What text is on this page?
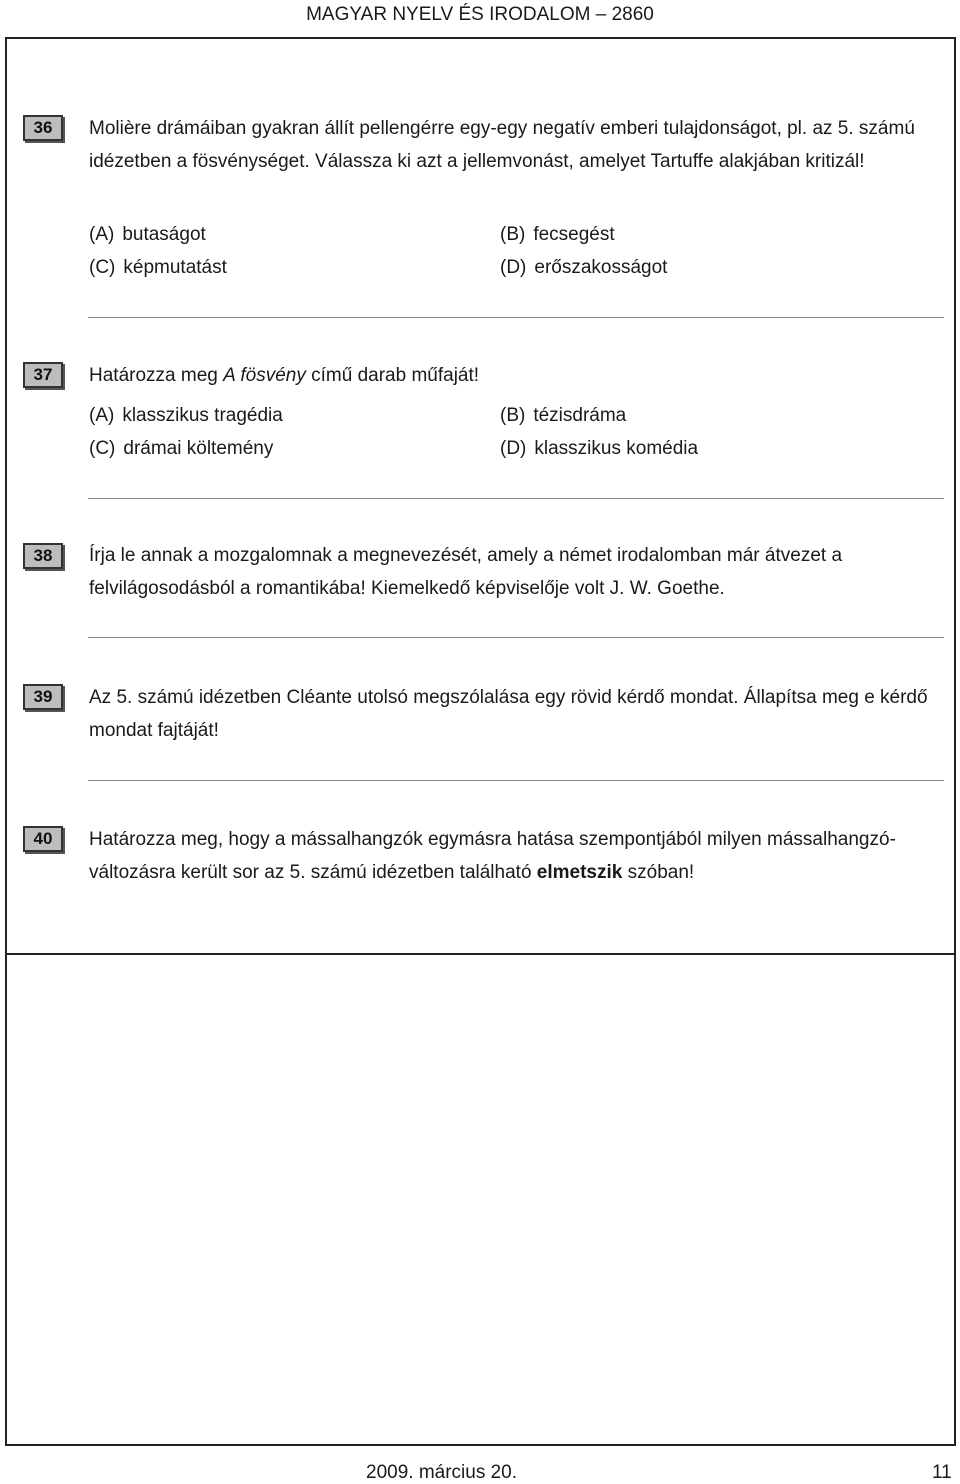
MAGYAR NYELV ÉS IRODALOM – 2860
36	Molière drámáiban gyakran állít pellengérre egy-egy negatív emberi tulajdonságot, pl. az 5. számú idézetben a fösvénységet. Válassza ki azt a jellemvonást, amelyet Tartuffe alakjában kritizál!
(A) butaságot	(B) fecsegést
(C) képmutatást	(D) erőszakosságot
37	Határozza meg A fösvény című darab műfaját!
(A) klasszikus tragédia	(B) tézisdráma
(C) drámai költemény	(D) klasszikus komédia
38	Írja le annak a mozgalomnak a megnevezését, amely a német irodalomban már átvezet a felvilágosodásból a romantikába! Kiemelkedő képviselője volt J. W. Goethe.
39	Az 5. számú idézetben Cléante utolsó megszólalása egy rövid kérdő mondat. Állapítsa meg e kérdő mondat fajtáját!
40	Határozza meg, hogy a mássalhangzók egymásra hatása szempontjából milyen mássalhangzó-változásra került sor az 5. számú idézetben található elmetszik szóban!
2009. március 20.	11
